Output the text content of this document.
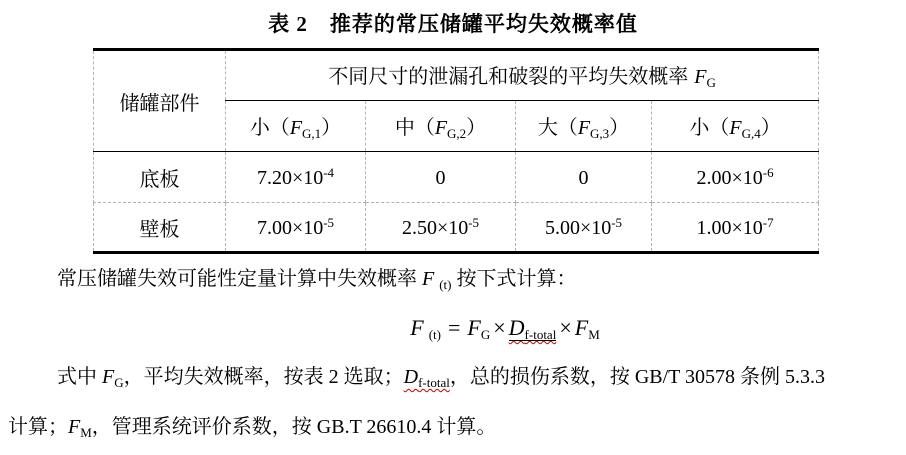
表 2　推荐的常压储罐平均失效概率值
储罐部件	不同尺寸的泄漏孔和破裂的平均失效概率 $F_G$
	小$(F_{G,1})$	中$(F_{G,2})$	大$(F_{G,3})$	小$(F_{G,4})$
底板	$7.20\times 10^{-4}$	0	0	$2.00\times 10^{-6}$
壁板	$7.00\times 10^{-5}$	$2.50\times 10^{-5}$	$5.00\times 10^{-5}$	$1.00\times 10^{-7}$
常压储罐失效可能性定量计算中失效概率 F $_{(t)}$ 按下式计算：
F (t) = FG × Df-total × FM
式中 $F_G$，平均失效概率，按表 2 选取；$D_{f-total}$，总的损伤系数，按 GB/T 30578 条例 5.3.3
计算；$F_M$，管理系统评价系数，按 GB.T 26610.4 计算。
